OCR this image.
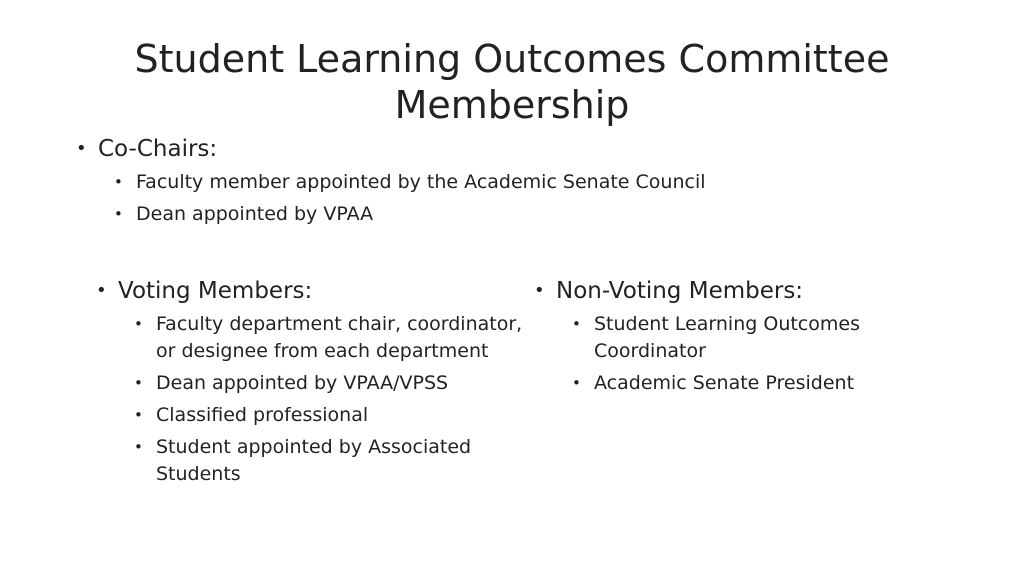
Student Learning Outcomes Committee
Membership
• Co-Chairs:
• Faculty member appointed by the Academic Senate Council
• Dean appointed by VPAA
• Voting Members:
• Faculty department chair, coordinator, or designee from each department
• Dean appointed by VPAA/VPSS
• Classified professional
• Student appointed by Associated Students
• Non-Voting Members:
• Student Learning Outcomes Coordinator
• Academic Senate President
